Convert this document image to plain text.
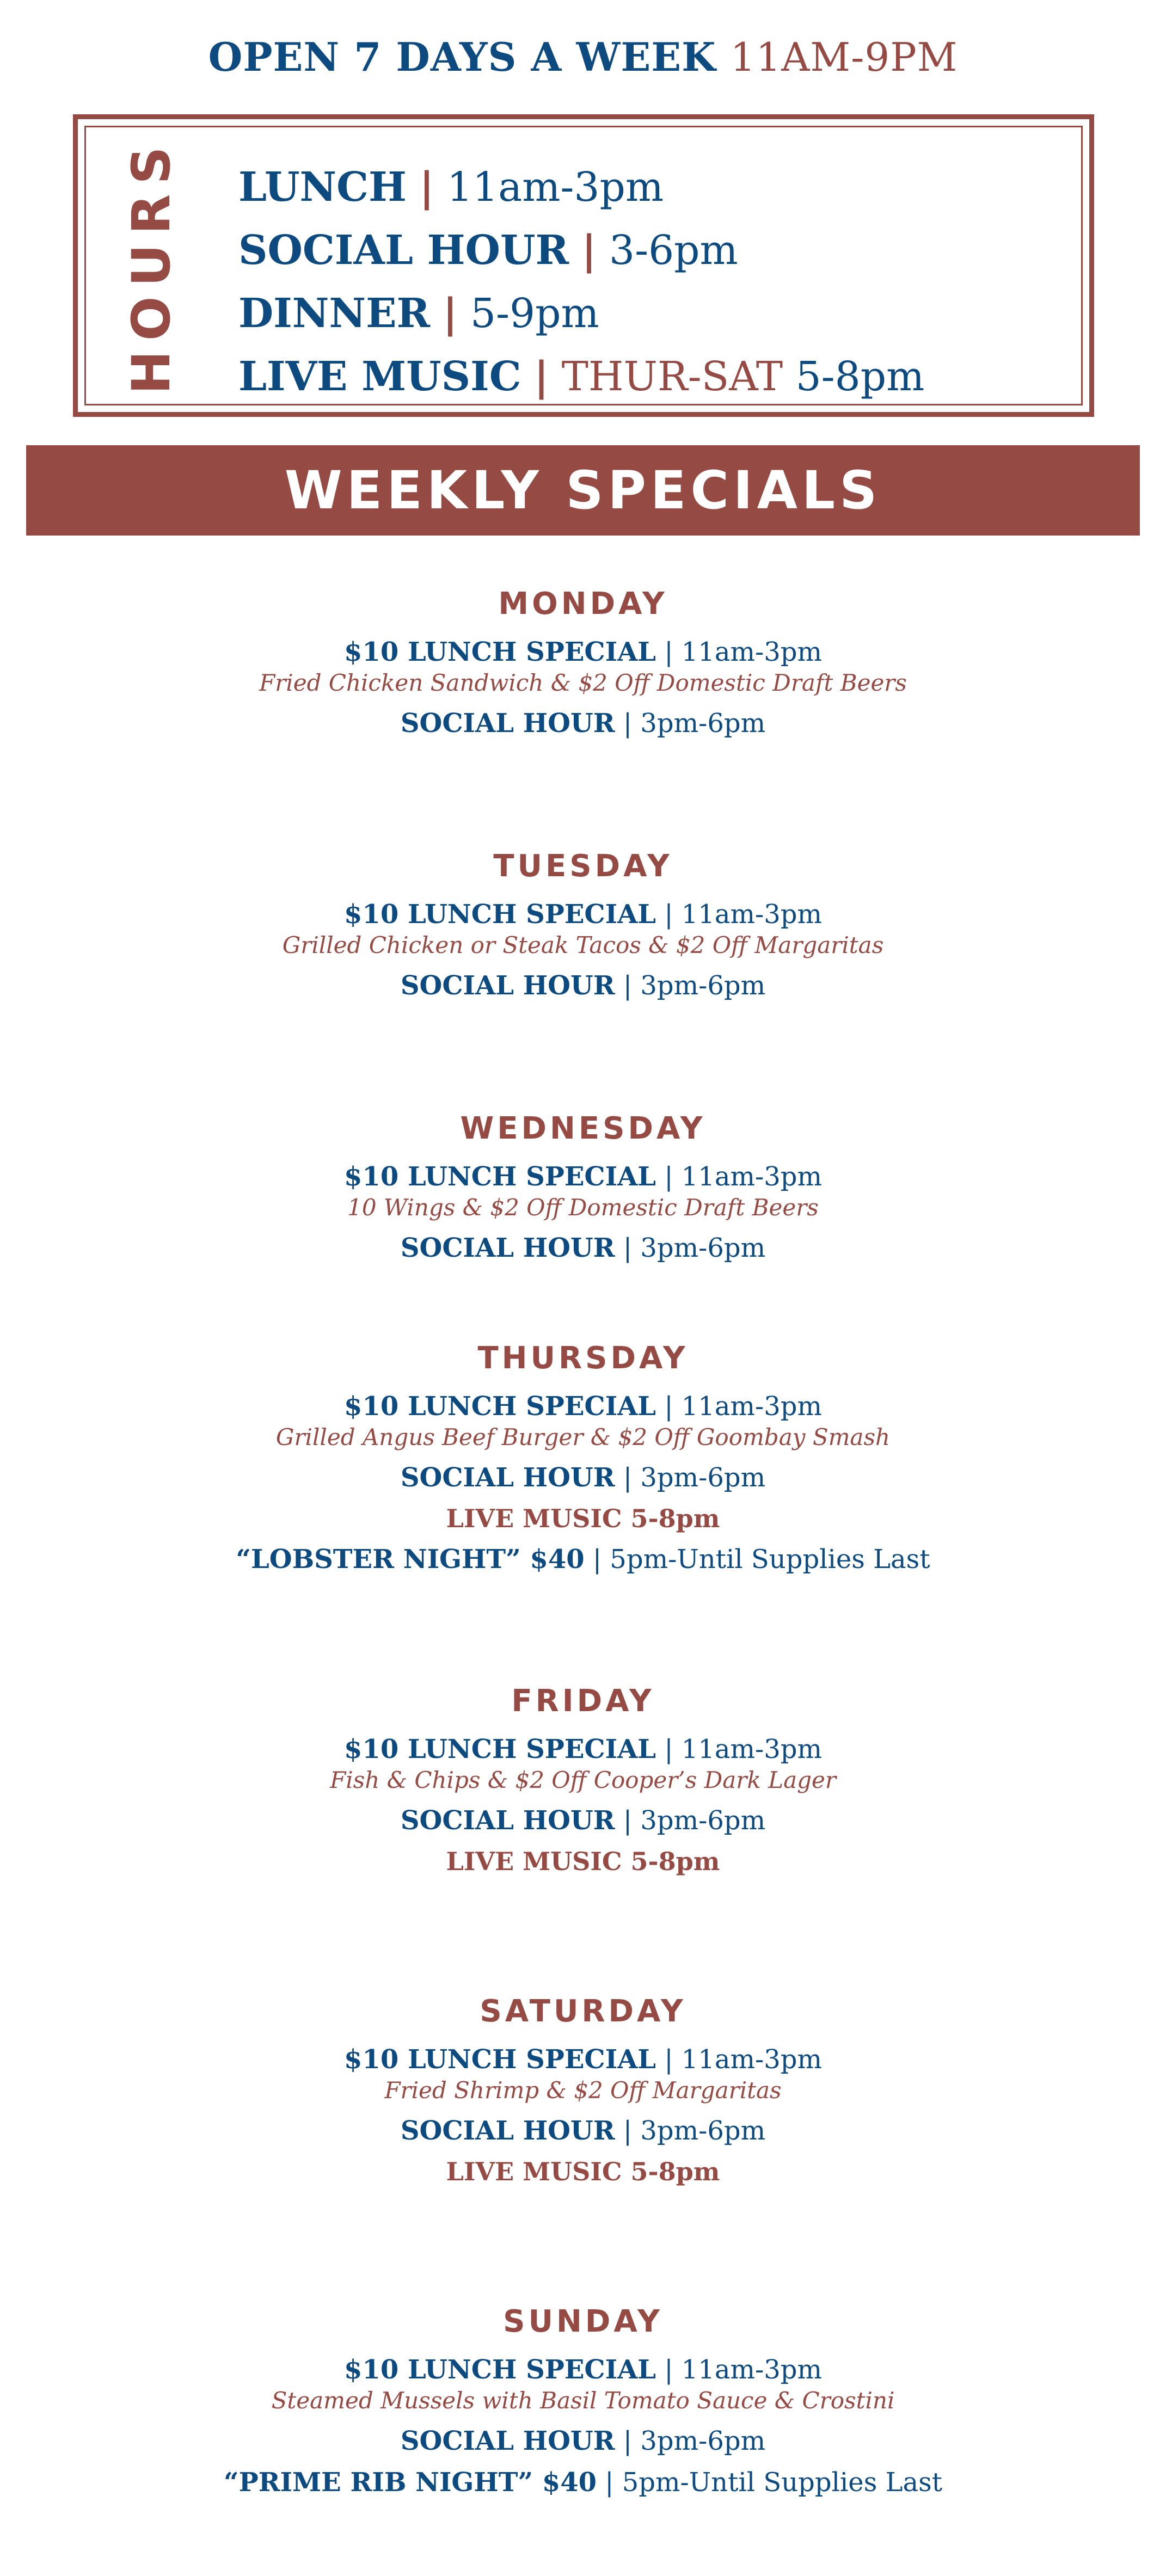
OPEN 7 DAYS A WEEK 11AM-9PM
HOURS LUNCH | 11am-3pm
SOCIAL HOUR | 3-6pm
DINNER | 5-9pm
LIVE MUSIC | THUR-SAT 5-8pm
WEEKLY SPECIALS
MONDAY
$10 LUNCH SPECIAL | 11am-3pm
Fried Chicken Sandwich & $2 Off Domestic Draft Beers
SOCIAL HOUR | 3pm-6pm
TUESDAY
$10 LUNCH SPECIAL | 11am-3pm
Grilled Chicken or Steak Tacos & $2 Off Margaritas
SOCIAL HOUR | 3pm-6pm
WEDNESDAY
$10 LUNCH SPECIAL | 11am-3pm
10 Wings & $2 Off Domestic Draft Beers
SOCIAL HOUR | 3pm-6pm
THURSDAY
$10 LUNCH SPECIAL | 11am-3pm
Grilled Angus Beef Burger & $2 Off Goombay Smash
SOCIAL HOUR | 3pm-6pm
LIVE MUSIC 5-8pm
“LOBSTER NIGHT” $40 | 5pm-Until Supplies Last
FRIDAY
$10 LUNCH SPECIAL | 11am-3pm
Fish & Chips & $2 Off Cooper’s Dark Lager
SOCIAL HOUR | 3pm-6pm
LIVE MUSIC 5-8pm
SATURDAY
$10 LUNCH SPECIAL | 11am-3pm
Fried Shrimp & $2 Off Margaritas
SOCIAL HOUR | 3pm-6pm
LIVE MUSIC 5-8pm
SUNDAY
$10 LUNCH SPECIAL | 11am-3pm
Steamed Mussels with Basil Tomato Sauce & Crostini
SOCIAL HOUR | 3pm-6pm
“PRIME RIB NIGHT” $40 | 5pm-Until Supplies Last
